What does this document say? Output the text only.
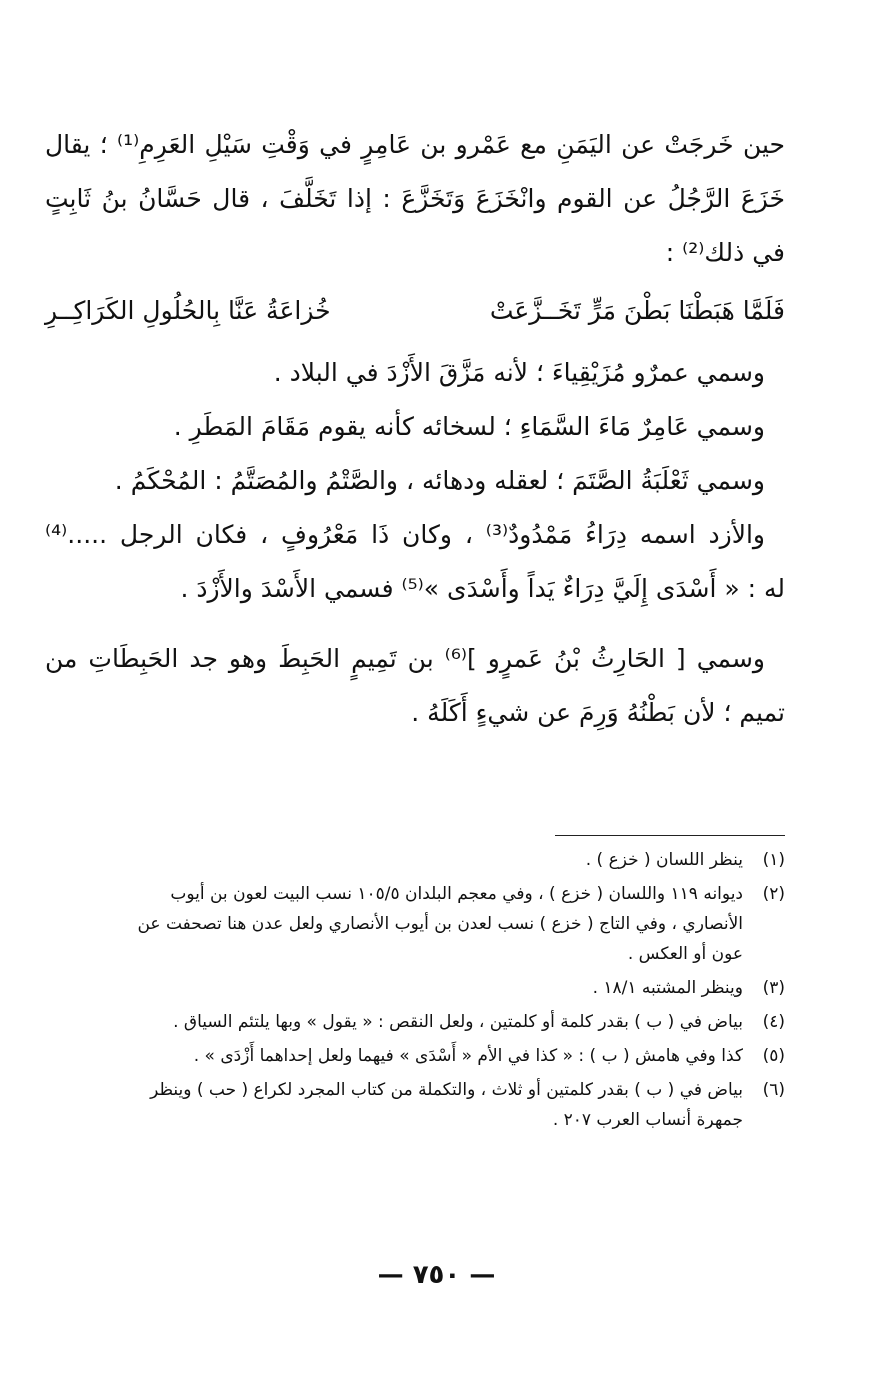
حين خَرجَتْ عن اليَمَنِ مع عَمْرو بن عَامِرٍ في وَقْتِ سَيْلِ العَرِمِ⁽¹⁾ ؛ يقال
خَزَعَ الرَّجُلُ عن القوم وانْخَزَعَ وَتَخَزَّعَ : إذا تَخَلَّفَ ، قال حَسَّانُ بنُ ثَابِتٍ
في ذلك⁽²⁾ :
فَلَمَّا هَبَطْنَا بَطْنَ مَرٍّ تَخَــزَّعَتْ
خُزاعَةُ عَنَّا بِالحُلُولِ الكَرَاكِــرِ
وسمي عمرٌو مُزَيْقِياءَ ؛ لأنه مَزَّقَ الأَزْدَ في البلاد .
وسمي عَامِرٌ مَاءَ السَّمَاءِ ؛ لسخائه كأنه يقوم مَقَامَ المَطَرِ .
وسمي ثَعْلَبَةُ الصَّتَمَ ؛ لعقله ودهائه ، والصَّتْمُ والمُصَتَّمُ : المُحْكَمُ .
والأزد اسمه دِرَاءُ مَمْدُودٌ⁽³⁾ ، وكان ذَا مَعْرُوفٍ ، فكان الرجل .....⁽⁴⁾
له : « أَسْدَى إِلَيَّ دِرَاءٌ يَداً وأَسْدَى »⁽⁵⁾ فسمي الأَسْدَ والأَزْدَ .
وسمي [ الحَارِثُ بْنُ عَمرٍو ]⁽⁶⁾ بن تَمِيمٍ الحَبِطَ وهو جد الحَبِطَاتِ من
تميم ؛ لأن بَطْنُهُ وَرِمَ عن شيءٍ أَكَلَهُ .
(١)
ينظر اللسان ( خزع ) .
(٢)
ديوانه ١١٩ واللسان ( خزع ) ، وفي معجم البلدان ١٠٥/٥ نسب البيت لعون بن أيوب
الأنصاري ، وفي التاج ( خزع ) نسب لعدن بن أيوب الأنصاري ولعل عدن هنا تصحفت عن
عون أو العكس .
(٣)
وينظر المشتبه ١٨/١ .
(٤)
بياض في ( ب ) بقدر كلمة أو كلمتين ، ولعل النقص : « يقول » وبها يلتئم السياق .
(٥)
كذا وفي هامش ( ب ) : « كذا في الأم « أَسْدَى » فيهما ولعل إحداهما أَزْدَى » .
(٦)
بياض في ( ب ) بقدر كلمتين أو ثلاث ، والتكملة من كتاب المجرد لكراع ( حب ) وينظر
جمهرة أنساب العرب ٢٠٧ .
— ٧٥٠ —
